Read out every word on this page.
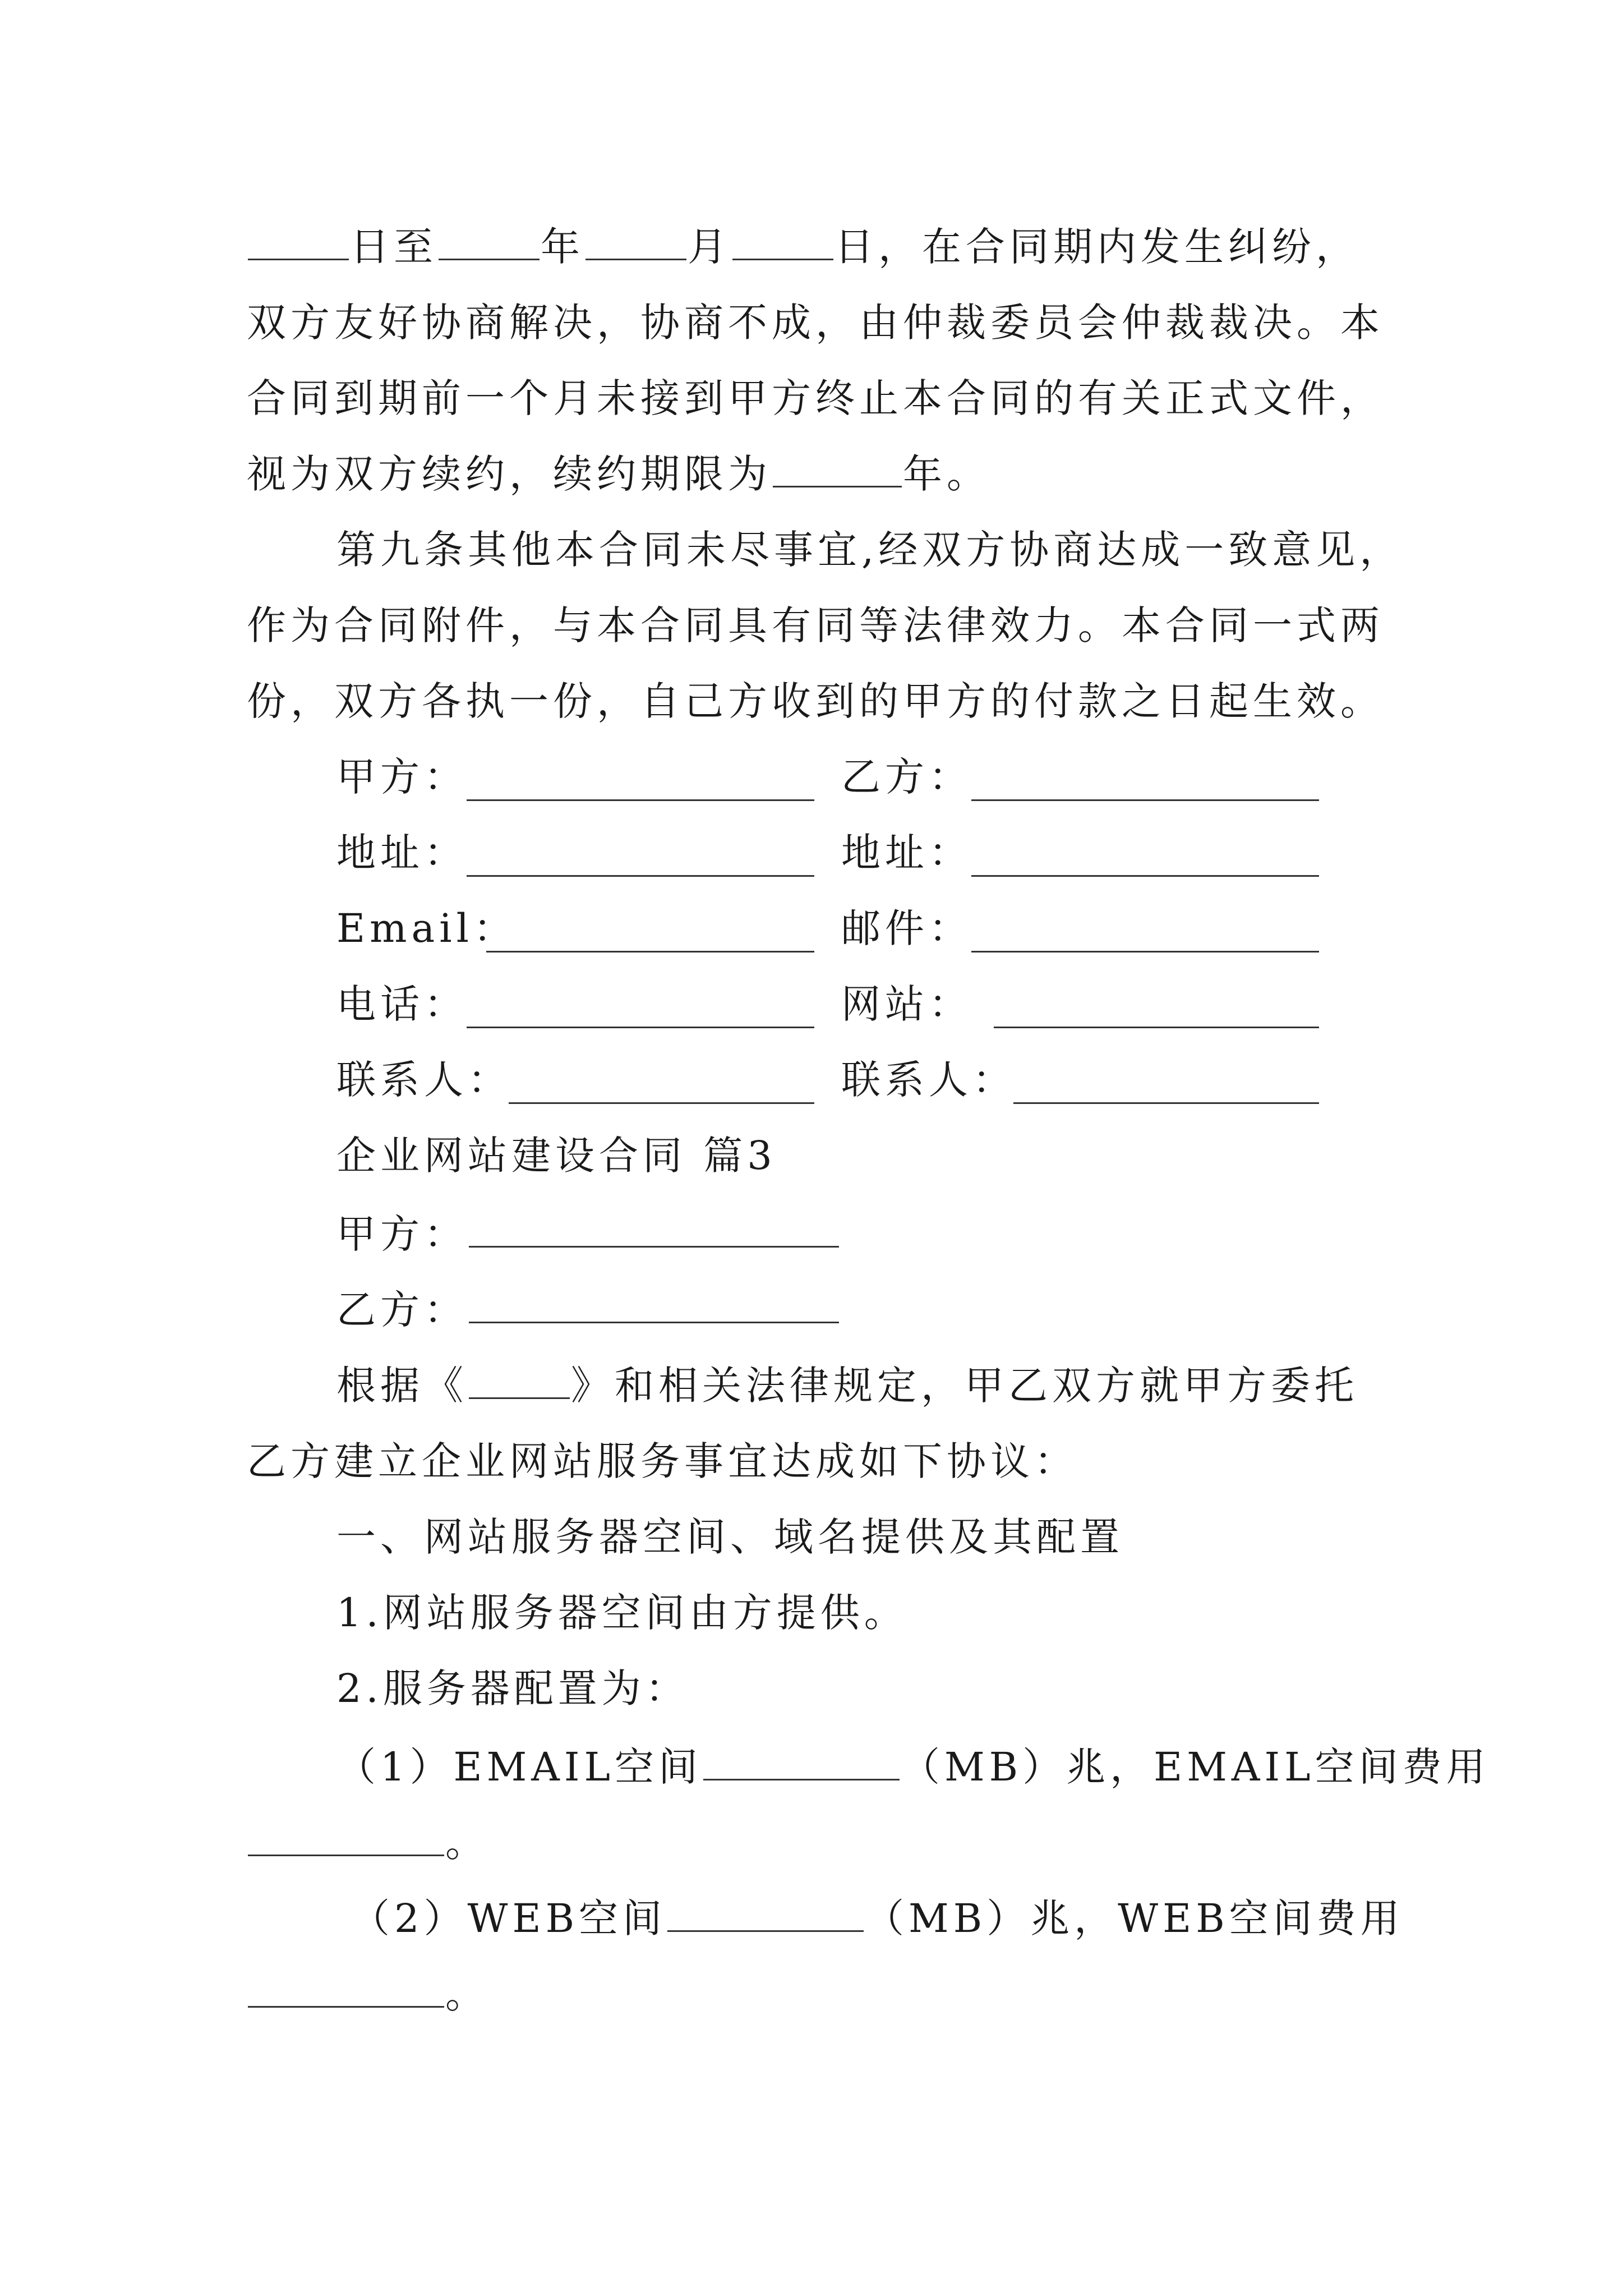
日至	年	月	日，在合同期内发生纠纷，
双方友好协商解决，协商不成，由仲裁委员会仲裁裁决。本
合同到期前一个月未接到甲方终止本合同的有关正式文件，
视为双方续约，续约期限为	年。
第九条其他本合同未尽事宜,经双方协商达成一致意见，
作为合同附件，与本合同具有同等法律效力。本合同一式两
份，双方各执一份，自己方收到的甲方的付款之日起生效。
甲方：	乙方：
地址：	地址：
Email：	邮件：
电话：	网站：
联系人：	联系人：
企业网站建设合同 篇3
甲方：
乙方：
根据《	》和相关法律规定，甲乙双方就甲方委托
乙方建立企业网站服务事宜达成如下协议：
一、网站服务器空间、域名提供及其配置
1.网站服务器空间由方提供。
2.服务器配置为：
（1）EMAIL空间	（MB）兆，EMAIL空间费用
。
（2）WEB空间	（MB）兆，WEB空间费用
。
